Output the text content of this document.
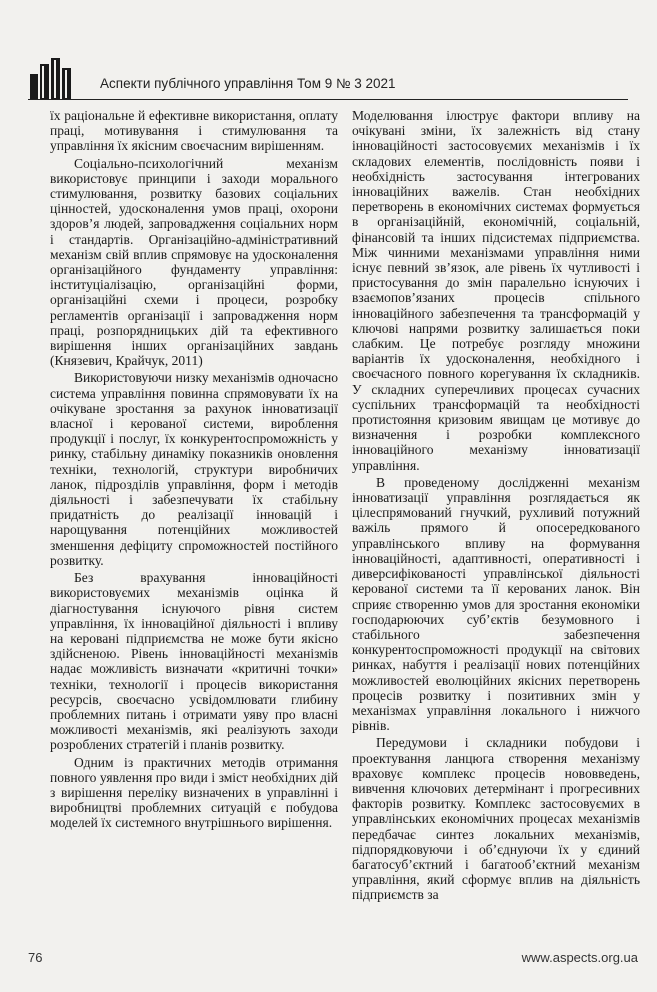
Аспекти публічного управління Том 9 № 3 2021

їх раціональне й ефективне використання, оплату праці, мотивування і стимулювання та управління їх якісним своєчасним вирішенням.

Соціально-психологічний механізм використовує принципи і заходи морального стимулювання, розвитку базових соціальних цінностей, удосконалення умов праці, охорони здоров’я людей, запровадження соціальних норм і стандартів. Організаційно-адміністративний механізм свій вплив спрямовує на удосконалення організаційного фундаменту управління: інституціалізацію, організаційні форми, організаційні схеми і процеси, розробку регламентів організації і запровадження норм праці, розпорядницьких дій та ефективного вирішення інших організаційних завдань (Князевич, Крайчук, 2011)

Використовуючи низку механізмів одночасно система управління повинна спрямовувати їх на очікуване зростання за рахунок інноватизації власної і керованої системи, вироблення продукції і послуг, їх конкурентоспроможність у ринку, стабільну динаміку показників оновлення техніки, технологій, структури виробничих ланок, підрозділів управління, форм і методів діяльності і забезпечувати їх стабільну придатність до реалізації інновацій і нарощування потенційних можливостей зменшення дефіциту спроможностей постійного розвитку.

Без врахування інноваційності використовуємих механізмів оцінка й діагностування існуючого рівня систем управління, їх інноваційної діяльності і впливу на керовані підприємства не може бути якісно здійсненою. Рівень інноваційності механізмів надає можливість визначати «критичні точки» техніки, технології і процесів використання ресурсів, своєчасно усвідомлювати глибину проблемних питань і отримати уяву про власні можливості механізмів, які реалізують заходи розроблених стратегій і планів розвитку.

Одним із практичних методів отримання повного уявлення про види і зміст необхідних дій з вирішення переліку визначених в управлінні і виробництві проблемних ситуацій є побудова моделей їх системного внутрішнього вирішення.

Моделювання ілюструє фактори впливу на очікувані зміни, їх залежність від стану інноваційності застосовуємих механізмів і їх складових елементів, послідовність появи і необхідність застосування інтегрованих інноваційних важелів. Стан необхідних перетворень в економічних системах формується в організаційній, економічній, соціальній, фінансовій та інших підсистемах підприємства. Між чинними механізмами управління ними існує певний зв’язок, але рівень їх чутливості і пристосування до змін паралельно існуючих і взаємопов’язаних процесів спільного інноваційного забезпечення та трансформацій у ключові напрями розвитку залишається поки слабким. Це потребує розгляду множини варіантів їх удосконалення, необхідного і своєчасного повного корегування їх складників. У складних суперечливих процесах сучасних суспільних трансформацій та необхідності протистояння кризовим явищам це мотивує до визначення і розробки комплексного інноваційного механізму інноватизації управління.

В проведеному дослідженні механізм інноватизації управління розглядається як цілеспрямований гнучкий, рухливий потужний важіль прямого й опосередкованого управлінського впливу на формування інноваційності, адаптивності, оперативності і диверсифікованості управлінської діяльності керованої системи та її керованих ланок. Він сприяє створенню умов для зростання економіки господарюючих суб’єктів безумовного і стабільного забезпечення конкурентоспроможності продукції на світових ринках, набуття і реалізації нових потенційних можливостей еволюційних якісних перетворень процесів розвитку і позитивних змін у механізмах управління локального і нижчого рівнів.

Передумови і складники побудови і проектування ланцюга створення механізму враховує комплекс процесів нововведень, вивчення ключових детермінант і прогресивних факторів розвитку. Комплекс застосовуємих в управлінських економічних процесах механізмів передбачає синтез локальних механізмів, підпорядковуючи і об’єднуючи їх у єдиний багатосуб’єктний і багатооб’єктний механізм управління, який сформує вплив на діяльність підприємств за

76	www.aspects.org.ua
